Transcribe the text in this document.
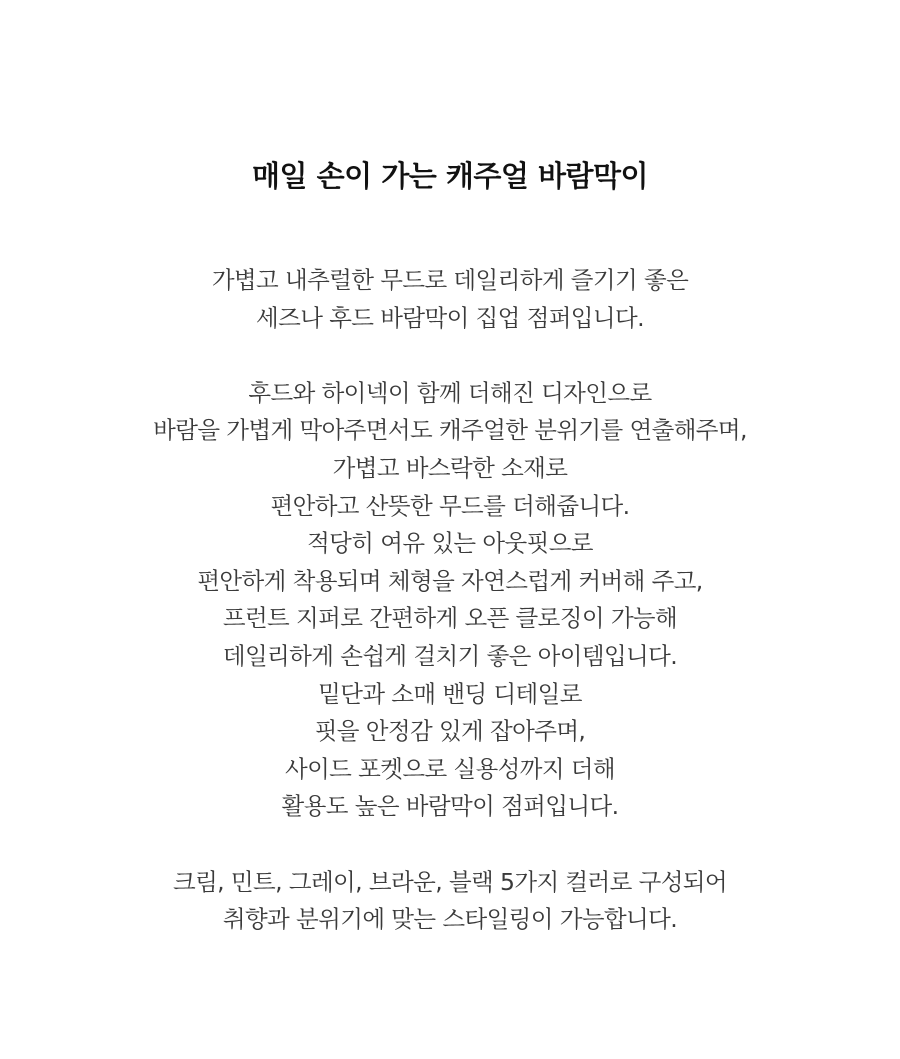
매일 손이 가는 캐주얼 바람막이
가볍고 내추럴한 무드로 데일리하게 즐기기 좋은
세즈나 후드 바람막이 집업 점퍼입니다.
후드와 하이넥이 함께 더해진 디자인으로
바람을 가볍게 막아주면서도 캐주얼한 분위기를 연출해주며,
가볍고 바스락한 소재로
편안하고 산뜻한 무드를 더해줍니다.
적당히 여유 있는 아웃핏으로
편안하게 착용되며 체형을 자연스럽게 커버해 주고,
프런트 지퍼로 간편하게 오픈 클로징이 가능해
데일리하게 손쉽게 걸치기 좋은 아이템입니다.
밑단과 소매 밴딩 디테일로
핏을 안정감 있게 잡아주며,
사이드 포켓으로 실용성까지 더해
활용도 높은 바람막이 점퍼입니다.
크림, 민트, 그레이, 브라운, 블랙 5가지 컬러로 구성되어
취향과 분위기에 맞는 스타일링이 가능합니다.
